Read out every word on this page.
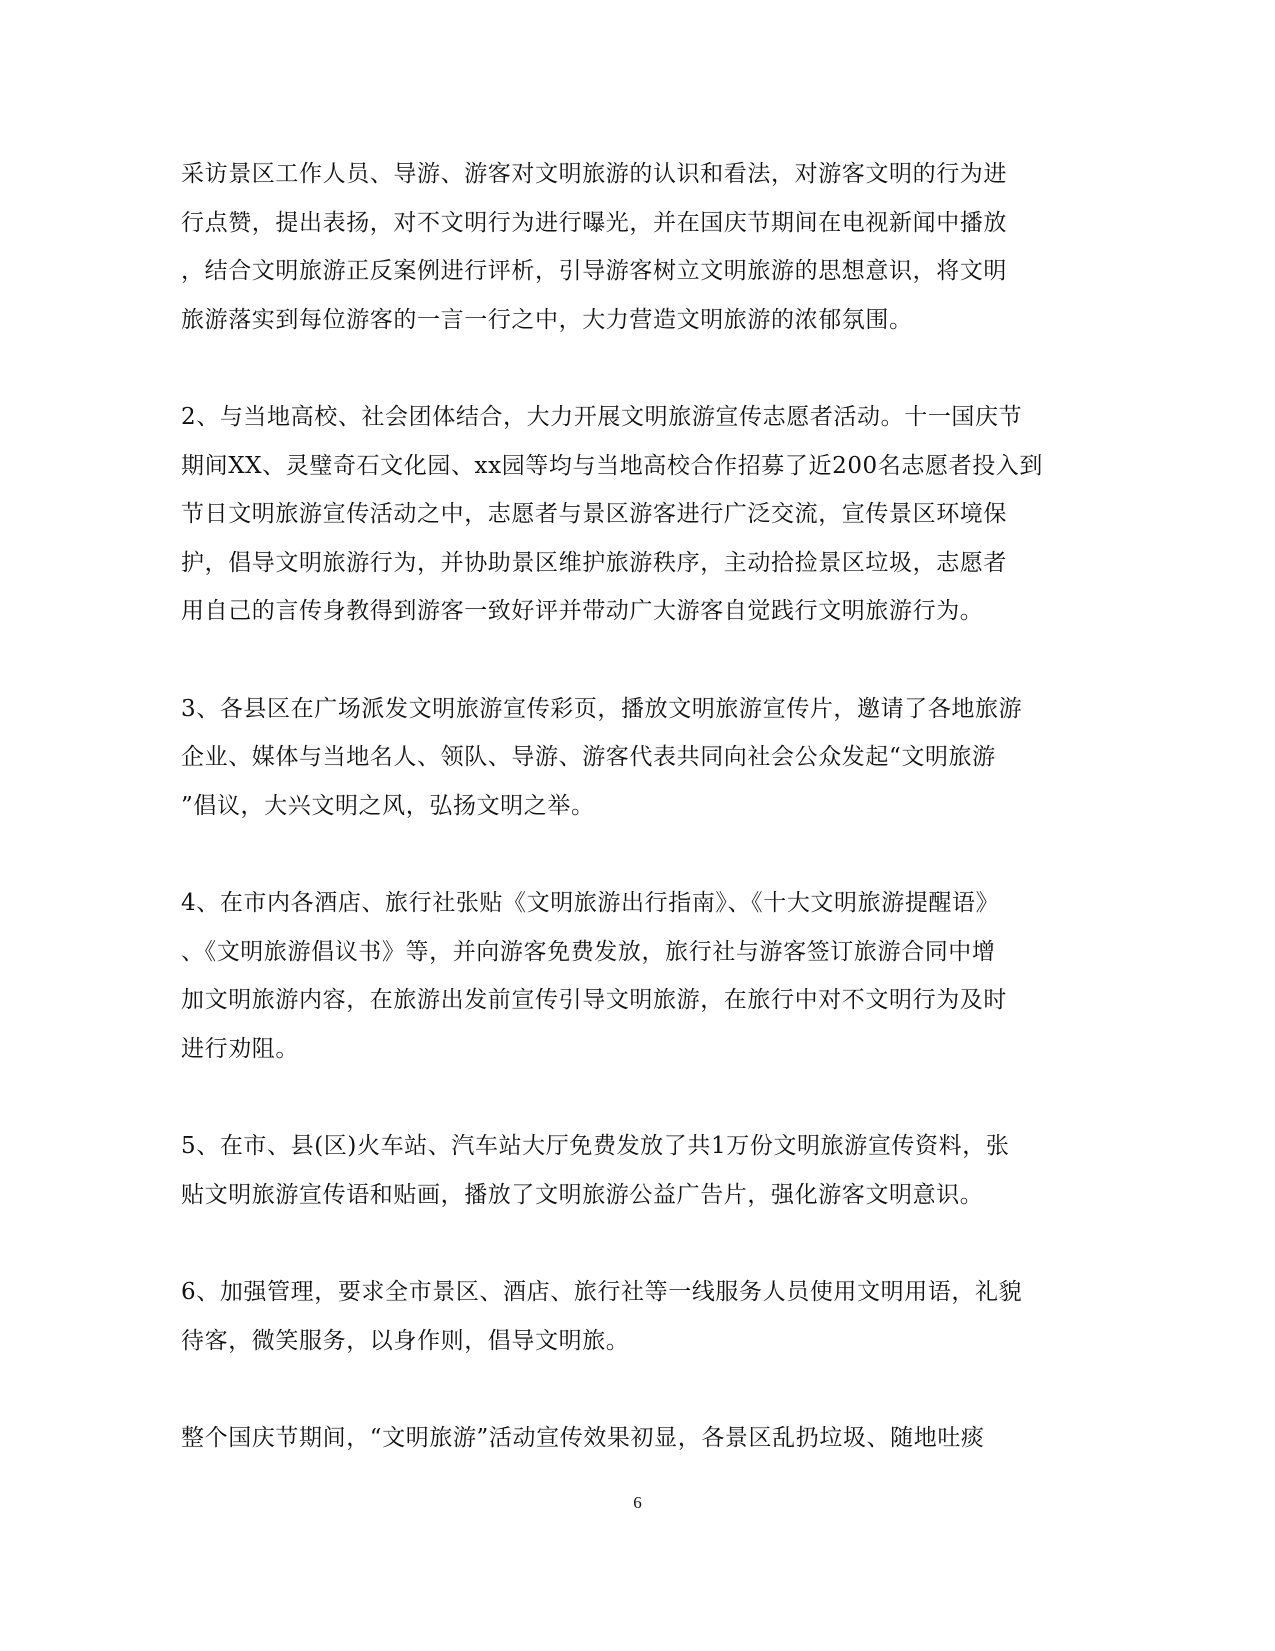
采访景区工作人员、导游、游客对文明旅游的认识和看法，对游客文明的行为进
行点赞，提出表扬，对不文明行为进行曝光，并在国庆节期间在电视新闻中播放
，结合文明旅游正反案例进行评析，引导游客树立文明旅游的思想意识，将文明
旅游落实到每位游客的一言一行之中，大力营造文明旅游的浓郁氛围。

2、与当地高校、社会团体结合，大力开展文明旅游宣传志愿者活动。十一国庆节
期间XX、灵璧奇石文化园、xx园等均与当地高校合作招募了近200名志愿者投入到
节日文明旅游宣传活动之中，志愿者与景区游客进行广泛交流，宣传景区环境保
护，倡导文明旅游行为，并协助景区维护旅游秩序，主动拾捡景区垃圾，志愿者
用自己的言传身教得到游客一致好评并带动广大游客自觉践行文明旅游行为。

3、各县区在广场派发文明旅游宣传彩页，播放文明旅游宣传片，邀请了各地旅游
企业、媒体与当地名人、领队、导游、游客代表共同向社会公众发起“文明旅游
”倡议，大兴文明之风，弘扬文明之举。

4、在市内各酒店、旅行社张贴《文明旅游出行指南》、《十大文明旅游提醒语》
、《文明旅游倡议书》等，并向游客免费发放，旅行社与游客签订旅游合同中增
加文明旅游内容，在旅游出发前宣传引导文明旅游，在旅行中对不文明行为及时
进行劝阻。

5、在市、县(区)火车站、汽车站大厅免费发放了共1万份文明旅游宣传资料，张
贴文明旅游宣传语和贴画，播放了文明旅游公益广告片，强化游客文明意识。

6、加强管理，要求全市景区、酒店、旅行社等一线服务人员使用文明用语，礼貌
待客，微笑服务，以身作则，倡导文明旅。

整个国庆节期间，“文明旅游”活动宣传效果初显，各景区乱扔垃圾、随地吐痰

6
